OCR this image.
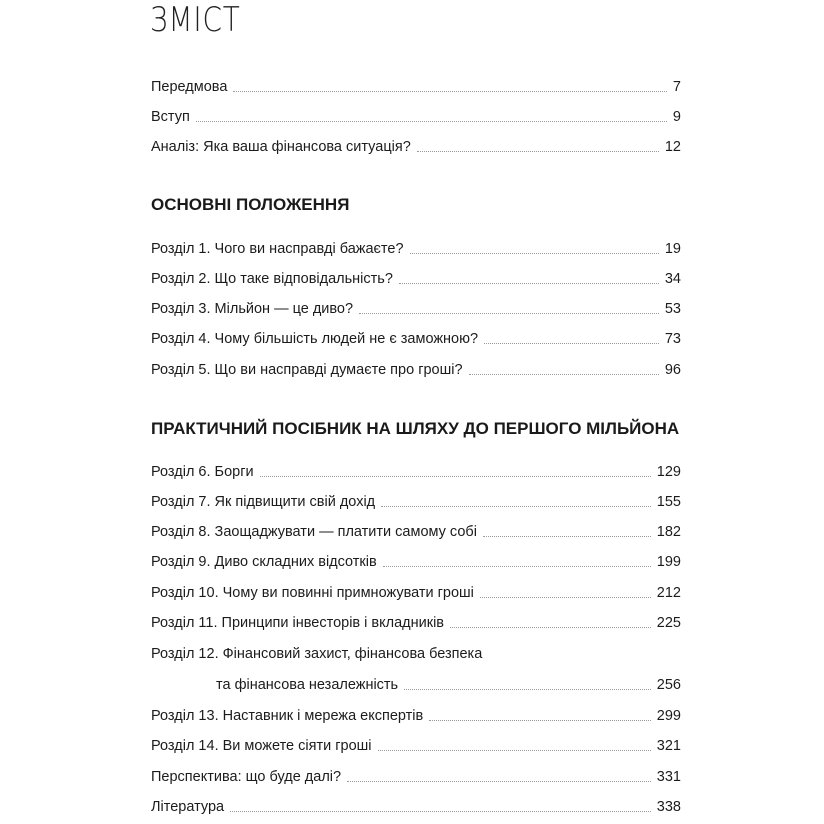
ЗМІСТ
Передмова	7
Вступ	9
Аналіз: Яка ваша фінансова ситуація?	12
ОСНОВНІ ПОЛОЖЕННЯ
Розділ 1. Чого ви насправді бажаєте?	19
Розділ 2. Що таке відповідальність?	34
Розділ 3. Мільйон — це диво?	53
Розділ 4. Чому більшість людей не є заможною?	73
Розділ 5. Що ви насправді думаєте про гроші?	96
ПРАКТИЧНИЙ ПОСІБНИК НА ШЛЯХУ ДО ПЕРШОГО МІЛЬЙОНА
Розділ 6. Борги	129
Розділ 7. Як підвищити свій дохід	155
Розділ 8. Заощаджувати — платити самому собі	182
Розділ 9. Диво складних відсотків	199
Розділ 10. Чому ви повинні примножувати гроші	212
Розділ 11. Принципи інвесторів і вкладників	225
Розділ 12. Фінансовий захист, фінансова безпека
та фінансова незалежність	256
Розділ 13. Наставник і мережа експертів	299
Розділ 14. Ви можете сіяти гроші	321
Перспектива: що буде далі?	331
Література	338
